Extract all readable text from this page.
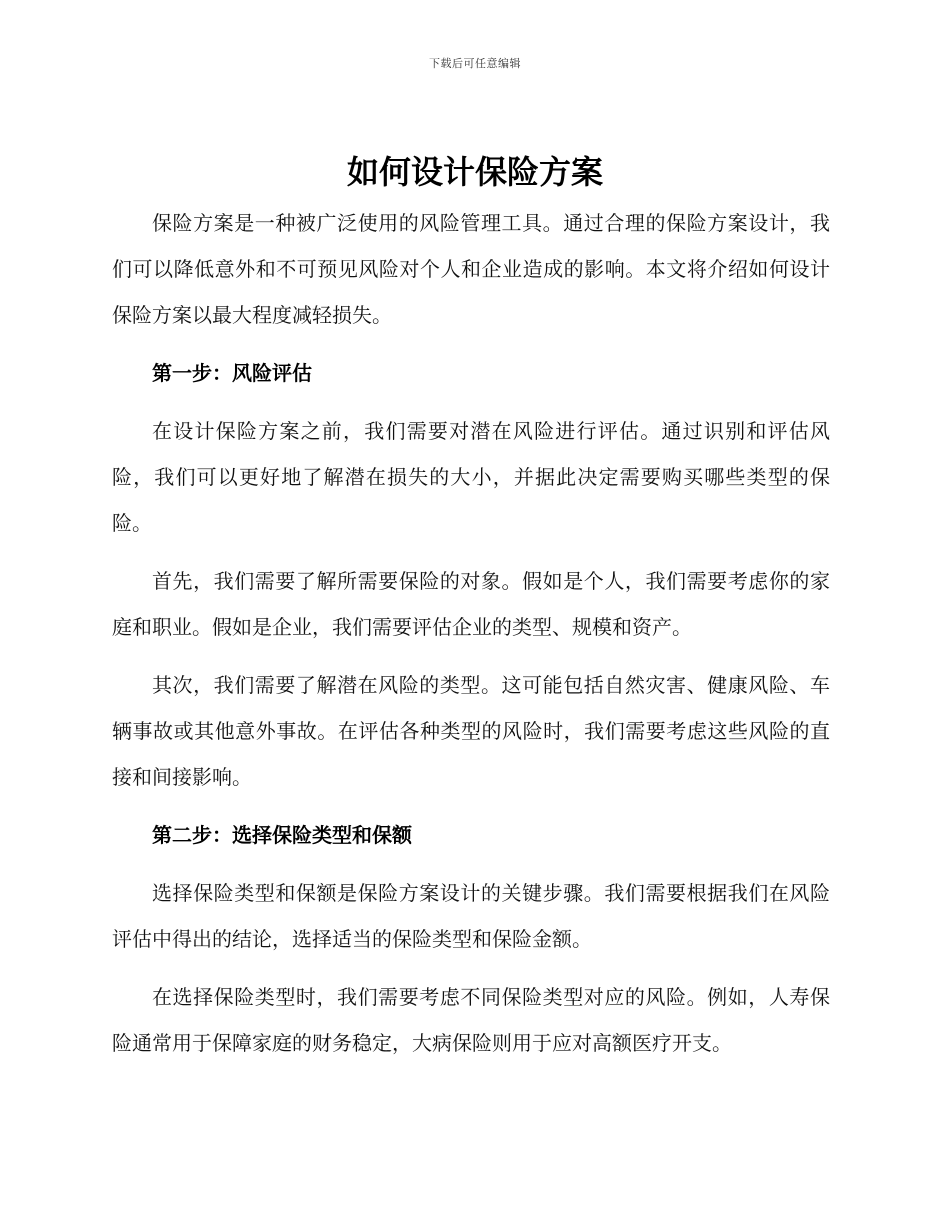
下载后可任意编辑
如何设计保险方案

保险方案是一种被广泛使用的风险管理工具。通过合理的保险方案设计，我们可以降低意外和不可预见风险对个人和企业造成的影响。本文将介绍如何设计保险方案以最大程度减轻损失。

第一步：风险评估

在设计保险方案之前，我们需要对潜在风险进行评估。通过识别和评估风险，我们可以更好地了解潜在损失的大小，并据此决定需要购买哪些类型的保险。

首先，我们需要了解所需要保险的对象。假如是个人，我们需要考虑你的家庭和职业。假如是企业，我们需要评估企业的类型、规模和资产。

其次，我们需要了解潜在风险的类型。这可能包括自然灾害、健康风险、车辆事故或其他意外事故。在评估各种类型的风险时，我们需要考虑这些风险的直接和间接影响。

第二步：选择保险类型和保额

选择保险类型和保额是保险方案设计的关键步骤。我们需要根据我们在风险评估中得出的结论，选择适当的保险类型和保险金额。

在选择保险类型时，我们需要考虑不同保险类型对应的风险。例如，人寿保险通常用于保障家庭的财务稳定，大病保险则用于应对高额医疗开支。
